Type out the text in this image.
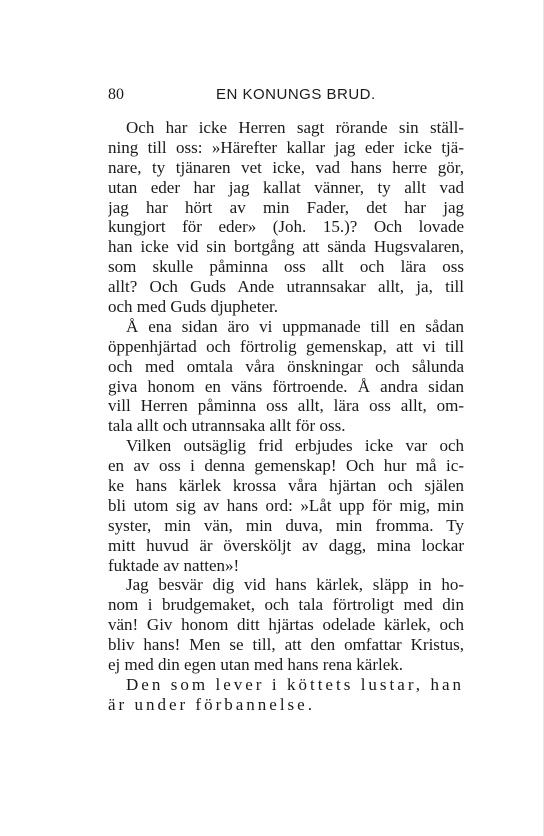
80	EN KONUNGS BRUD.
Och har icke Herren sagt rörande sin ställ-
ning till oss: »Härefter kallar jag eder icke tjä-
nare, ty tjänaren vet icke, vad hans herre gör,
utan eder har jag kallat vänner, ty allt vad
jag har hört av min Fader, det har jag
kungjort för eder» (Joh. 15.)? Och lovade
han icke vid sin bortgång att sända Hugsvalaren,
som skulle påminna oss allt och lära oss
allt? Och Guds Ande utrannsakar allt, ja, till
och med Guds djupheter.
Å ena sidan äro vi uppmanade till en sådan
öppenhjärtad och förtrolig gemenskap, att vi till
och med omtala våra önskningar och sålunda
giva honom en väns förtroende. Å andra sidan
vill Herren påminna oss allt, lära oss allt, om-
tala allt och utrannsaka allt för oss.
Vilken outsäglig frid erbjudes icke var och
en av oss i denna gemenskap! Och hur må ic-
ke hans kärlek krossa våra hjärtan och själen
bli utom sig av hans ord: »Låt upp för mig, min
syster, min vän, min duva, min fromma. Ty
mitt huvud är översköljt av dagg, mina lockar
fuktade av natten»!
Jag besvär dig vid hans kärlek, släpp in ho-
nom i brudgemaket, och tala förtroligt med din
vän! Giv honom ditt hjärtas odelade kärlek, och
bliv hans! Men se till, att den omfattar Kristus,
ej med din egen utan med hans rena kärlek.
Den som lever i köttets lustar, han
är under förbannelse.
